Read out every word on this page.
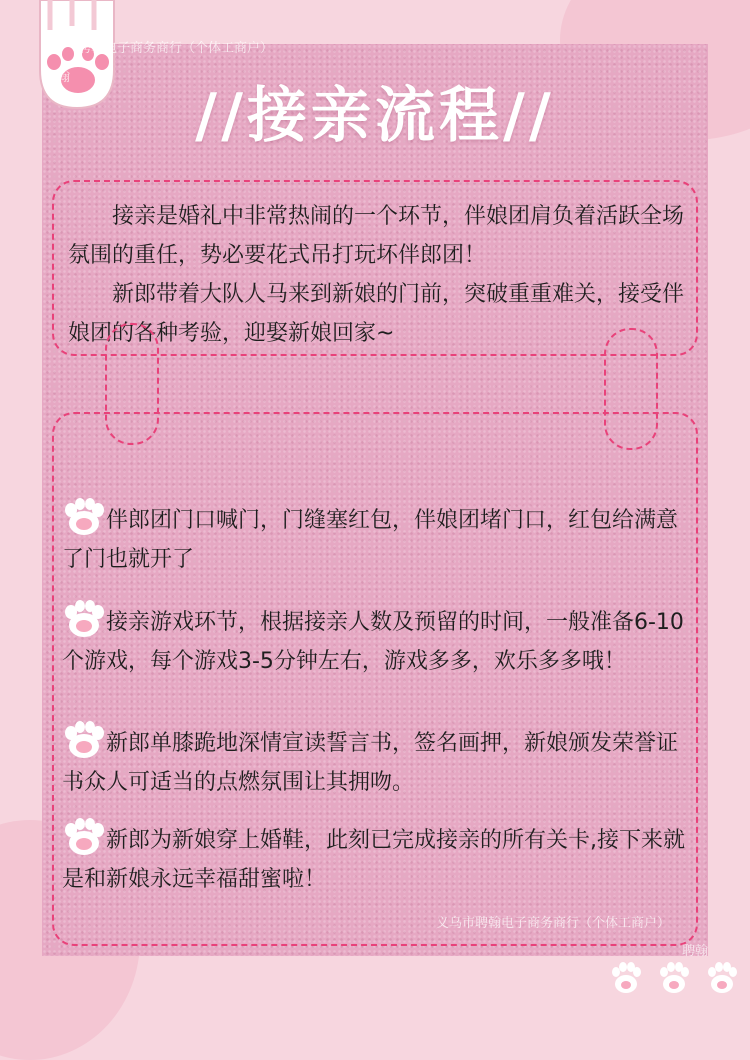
聘翰电子商务商行（个体工商户）
聘翰
//接亲流程//

接亲是婚礼中非常热闹的一个环节，伴娘团肩负着活跃全场氛围的重任，势必要花式吊打玩坏伴郎团！

新郎带着大队人马来到新娘的门前，突破重重难关，接受伴娘团的各种考验，迎娶新娘回家~

伴郎团门口喊门，门缝塞红包，伴娘团堵门口，红包给满意了门也就开了
接亲游戏环节，根据接亲人数及预留的时间，一般准备6-10个游戏，每个游戏3-5分钟左右，游戏多多，欢乐多多哦！
新郎单膝跪地深情宣读誓言书，签名画押，新娘颁发荣誉证书众人可适当的点燃氛围让其拥吻。
新郎为新娘穿上婚鞋，此刻已完成接亲的所有关卡,接下来就是和新娘永远幸福甜蜜啦！
义乌市聘翰电子商务商行（个体工商户）
聘翰
